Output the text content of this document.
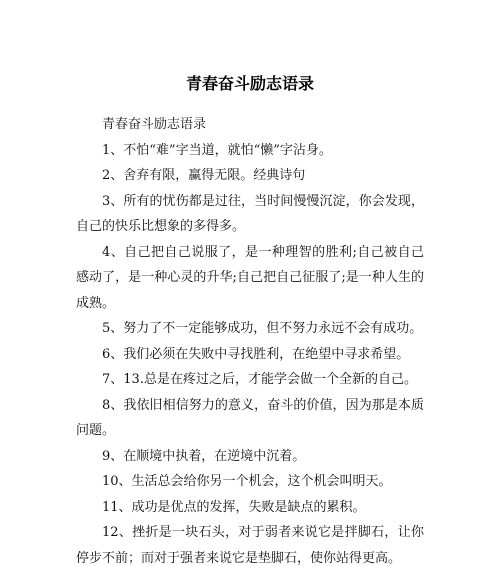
青春奋斗励志语录

青春奋斗励志语录

1、不怕“难”字当道，就怕“懒”字沾身。

2、舍弃有限，赢得无限。经典诗句

3、所有的忧伤都是过往，当时间慢慢沉淀，你会发现，自己的快乐比想象的多得多。

4、自己把自己说服了，是一种理智的胜利;自己被自己感动了，是一种心灵的升华;自己把自己征服了;是一种人生的成熟。

5、努力了不一定能够成功，但不努力永远不会有成功。

6、我们必须在失败中寻找胜利，在绝望中寻求希望。

7、13.总是在疼过之后，才能学会做一个全新的自己。

8、我依旧相信努力的意义，奋斗的价值，因为那是本质问题。

9、在顺境中执着，在逆境中沉着。

10、生活总会给你另一个机会，这个机会叫明天。

11、成功是优点的发挥，失败是缺点的累积。

12、挫折是一块石头，对于弱者来说它是拌脚石，让你停步不前；而对于强者来说它是垫脚石，使你站得更高。
